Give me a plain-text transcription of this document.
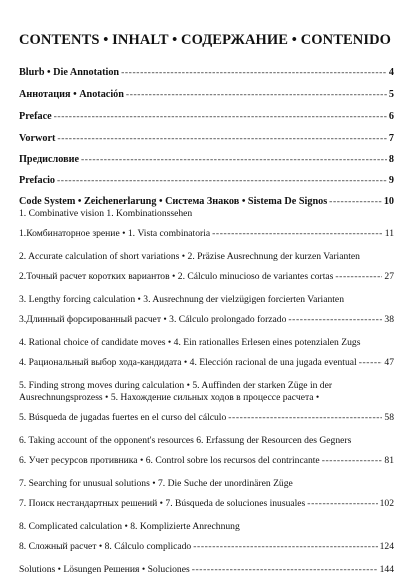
CONTENTS • INHALT • СОДЕРЖАНИЕ • CONTENIDO
Blurb • Die Annotation -----	4
Аннотация • Anotación -----	5
Preface -----	6
Vorwort -----	7
Предисловие -----	8
Prefacio -----	9
Code System • Zeichenerlarung • Система Знаков • Sistema De Signos -----	10
1. Combinative vision 1. Kombinationssehen
1.Комбинаторное зрение • 1. Vista combinatoria -----	11
2. Accurate calculation of short variations • 2. Präzise Ausrechnung der kurzen Varianten
2.Точный расчет коротких вариантов • 2. Cálculo minucioso de variantes cortas -----	27
3. Lengthy forcing calculation • 3. Ausrechnung der vielzügigen forcierten Varianten
3.Длинный форсированный расчет • 3. Cálculo prolongado forzado -----	38
4. Rational choice of candidate moves • 4. Ein rationalles Erlesen eines potenzialen Zugs
4. Рациональный выбор хода-кандидата • 4. Elección racional de una jugada eventual -----	47
5. Finding strong moves during calculation • 5. Auffinden der starken Züge in der
Ausrechnungsprozess • 5. Нахождение сильных ходов в процессе расчета •
5. Búsqueda de jugadas fuertes en el curso del cálculo -----	58
6. Taking account of the opponent's resources 6. Erfassung der Resourcen des Gegners
6. Учет ресурсов противника • 6. Control sobre los recursos del contrincante -----	81
7. Searching for unusual solutions • 7. Die Suche der unordinären Züge
7. Поиск нестандартных решений • 7. Búsqueda de soluciones inusuales -----	102
8. Complicated calculation • 8. Komplizierte Anrechnung
8. Сложный расчет • 8. Cálculo complicado -----	124
Solutions • Lösungen Решения • Soluciones -----	144
